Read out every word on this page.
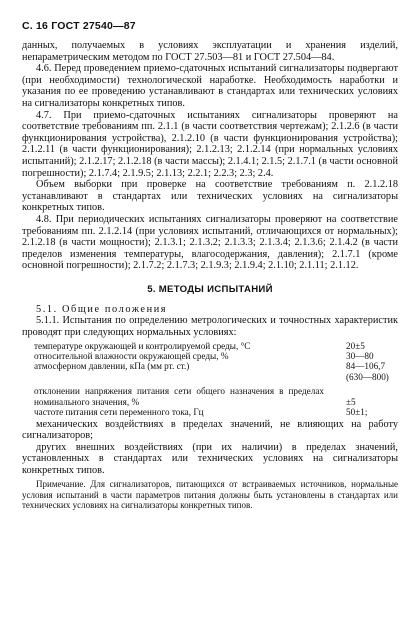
С. 16 ГОСТ 27540—87

данных, получаемых в условиях эксплуатации и хранения изделий, непараметрическим методом по ГОСТ 27.503—81 и ГОСТ 27.504—84.

4.6. Перед проведением приемо-сдаточных испытаний сигнализаторы подвергают (при необходимости) технологической наработке. Необходимость наработки и указания по ее проведению устанавливают в стандартах или технических условиях на сигнализаторы конкретных типов.

4.7. При приемо-сдаточных испытаниях сигнализаторы проверяют на соответствие требованиям пп. 2.1.1 (в части соответствия чертежам); 2.1.2.6 (в части функционирования устройства), 2.1.2.10 (в части функционирования устройства); 2.1.2.11 (в части функционирования); 2.1.2.13; 2.1.2.14 (при нормальных условиях испытаний); 2.1.2.17; 2.1.2.18 (в части массы); 2.1.4.1; 2.1.5; 2.1.7.1 (в части основной погрешности); 2.1.7.4; 2.1.9.5; 2.1.13; 2.2.1; 2.2.3; 2.3; 2.4.

Объем выборки при проверке на соответствие требованиям п. 2.1.2.18 устанавливают в стандартах или технических условиях на сигнализаторы конкретных типов.

4.8. При периодических испытаниях сигнализаторы проверяют на соответствие требованиям пп. 2.1.2.14 (при условиях испытаний, отличающихся от нормальных); 2.1.2.18 (в части мощности); 2.1.3.1; 2.1.3.2; 2.1.3.3; 2.1.3.4; 2.1.3.6; 2.1.4.2 (в части пределов изменения температуры, влагосодержания, давления); 2.1.7.1 (кроме основной погрешности); 2.1.7.2; 2.1.7.3; 2.1.9.3; 2.1.9.4; 2.1.10; 2.1.11; 2.1.12.

5. МЕТОДЫ ИСПЫТАНИЙ

5.1. Общие положения

5.1.1. Испытания по определению метрологических и точностных характеристик проводят при следующих нормальных условиях:

температуре окружающей и контролируемой среды, °С	20±5
относительной влажности окружающей среды, %	30—80
атмосферном давлении, кПа (мм рт. ст.)	84—106,7
(630—800)
отклонении напряжения питания сети общего назначения в пределах номинального значения, %	±5
частоте питания сети переменного тока, Гц	50±1;

механических воздействиях в пределах значений, не влияющих на работу сигнализаторов;

других внешних воздействиях (при их наличии) в пределах значений, установленных в стандартах или технических условиях на сигнализаторы конкретных типов.

Примечание. Для сигнализаторов, питающихся от встраиваемых источников, нормальные условия испытаний в части параметров питания должны быть установлены в стандартах или технических условиях на сигнализаторы конкретных типов.
